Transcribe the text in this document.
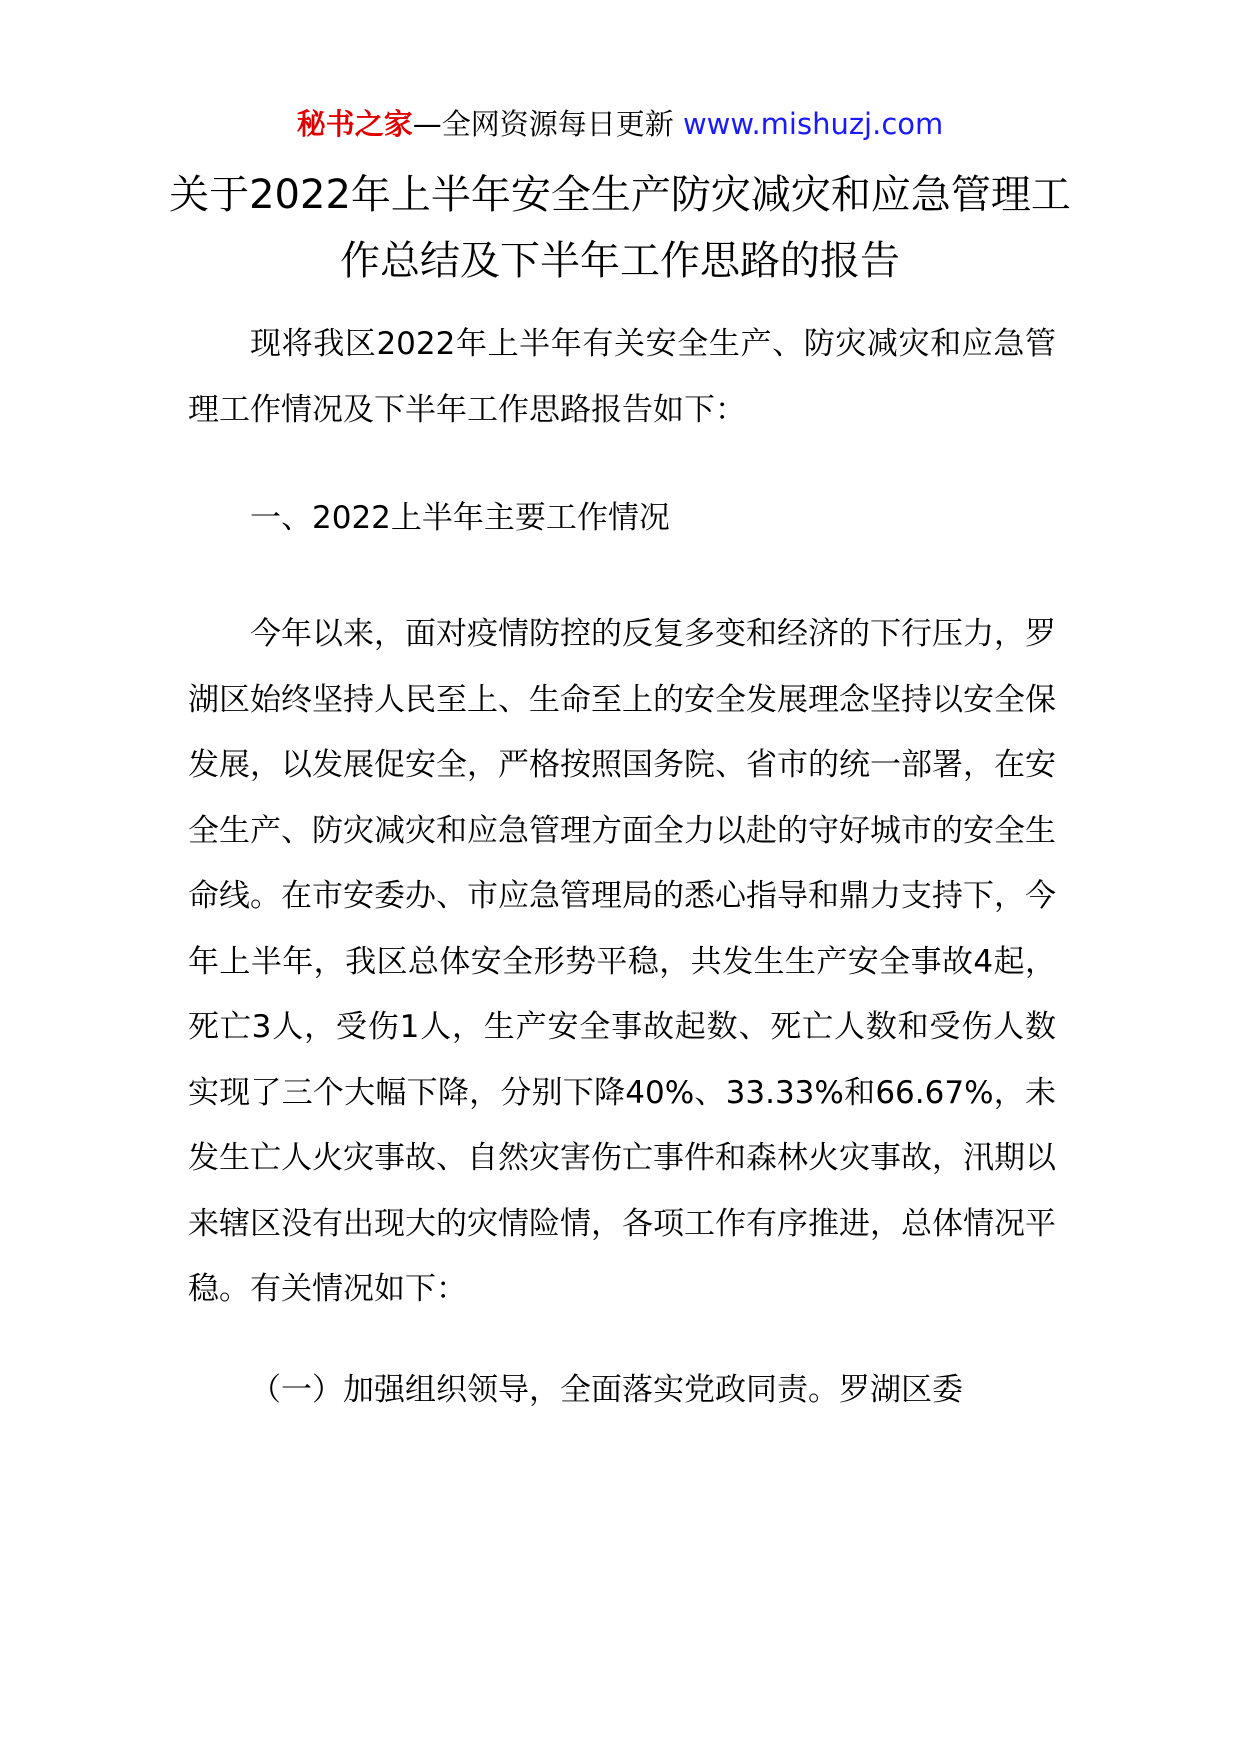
秘书之家—全网资源每日更新 www.mishuzj.com
关于2022年上半年安全生产防灾减灾和应急管理工作总结及下半年工作思路的报告

现将我区2022年上半年有关安全生产、防灾减灾和应急管理工作情况及下半年工作思路报告如下：

一、2022上半年主要工作情况

今年以来，面对疫情防控的反复多变和经济的下行压力，罗湖区始终坚持人民至上、生命至上的安全发展理念坚持以安全保发展，以发展促安全，严格按照国务院、省市的统一部署，在安全生产、防灾减灾和应急管理方面全力以赴的守好城市的安全生命线。在市安委办、市应急管理局的悉心指导和鼎力支持下，今年上半年，我区总体安全形势平稳，共发生生产安全事故4起，死亡3人，受伤1人，生产安全事故起数、死亡人数和受伤人数实现了三个大幅下降，分别下降40%、33.33%和66.67%，未发生亡人火灾事故、自然灾害伤亡事件和森林火灾事故，汛期以来辖区没有出现大的灾情险情，各项工作有序推进，总体情况平稳。有关情况如下：

（一）加强组织领导，全面落实党政同责。罗湖区委
